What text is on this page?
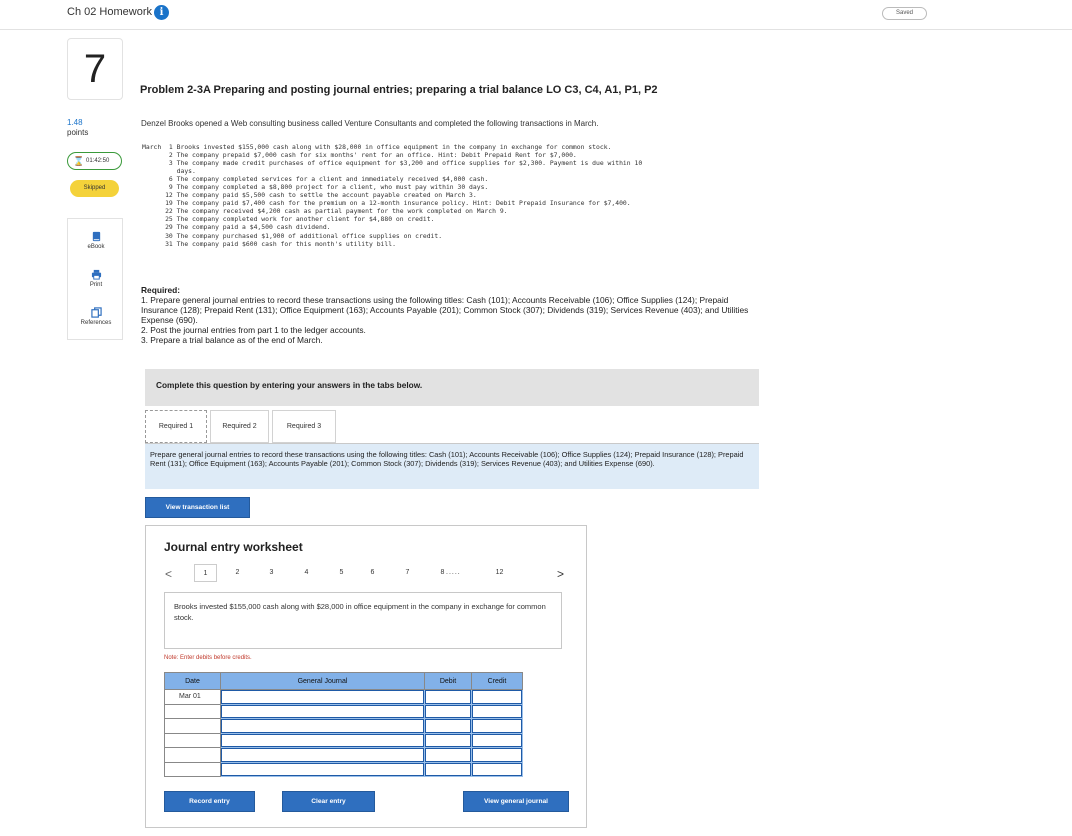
Ch 02 Homework i	Saved
7
1.48
points
⌛ 01:42:50
Skipped
eBook
Print
References
Problem 2-3A Preparing and posting journal entries; preparing a trial balance LO C3, C4, A1, P1, P2
Denzel Brooks opened a Web consulting business called Venture Consultants and completed the following transactions in March.
March  1 Brooks invested $155,000 cash along with $28,000 in office equipment in the company in exchange for common stock.
2 The company prepaid $7,000 cash for six months' rent for an office. Hint: Debit Prepaid Rent for $7,000.
3 The company made credit purchases of office equipment for $3,200 and office supplies for $2,300. Payment is due within 10
days.
6 The company completed services for a client and immediately received $4,000 cash.
9 The company completed a $8,800 project for a client, who must pay within 30 days.
12 The company paid $5,500 cash to settle the account payable created on March 3.
19 The company paid $7,400 cash for the premium on a 12-month insurance policy. Hint: Debit Prepaid Insurance for $7,400.
22 The company received $4,200 cash as partial payment for the work completed on March 9.
25 The company completed work for another client for $4,880 on credit.
29 The company paid a $4,500 cash dividend.
30 The company purchased $1,900 of additional office supplies on credit.
31 The company paid $600 cash for this month's utility bill.
Required:
1. Prepare general journal entries to record these transactions using the following titles: Cash (101); Accounts Receivable (106); Office Supplies (124); Prepaid Insurance (128); Prepaid Rent (131); Office Equipment (163); Accounts Payable (201); Common Stock (307); Dividends (319); Services Revenue (403); and Utilities Expense (690).
2. Post the journal entries from part 1 to the ledger accounts.
3. Prepare a trial balance as of the end of March.
Complete this question by entering your answers in the tabs below.
Required 1	Required 2	Required 3
Prepare general journal entries to record these transactions using the following titles: Cash (101); Accounts Receivable (106); Office Supplies (124); Prepaid Insurance (128); Prepaid Rent (131); Office Equipment (163); Accounts Payable (201); Common Stock (307); Dividends (319); Services Revenue (403); and Utilities Expense (690).
View transaction list
Journal entry worksheet
<	1	2	3	4	5	6	7	8 .....	12	>
Brooks invested $155,000 cash along with $28,000 in office equipment in the company in exchange for common stock.
Note: Enter debits before credits.
Date	General Journal	Debit	Credit
Mar 01	

Record entry	Clear entry	View general journal
